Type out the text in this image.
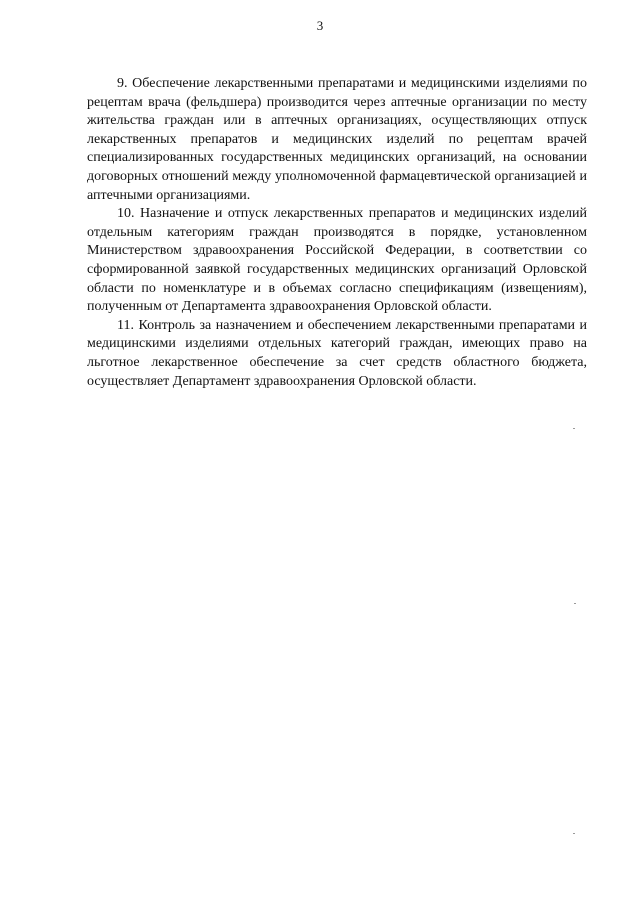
3

9. Обеспечение лекарственными препаратами и медицинскими изделиями по рецептам врача (фельдшера) производится через аптечные организации по месту жительства граждан или в аптечных организациях, осуществляющих отпуск лекарственных препаратов и медицинских изделий по рецептам врачей специализированных государственных медицинских организаций, на основании договорных отношений между уполномоченной фармацевтической организацией и аптечными организациями.

10. Назначение и отпуск лекарственных препаратов и медицинских изделий отдельным категориям граждан производятся в порядке, установленном Министерством здравоохранения Российской Федерации, в соответствии со сформированной заявкой государственных медицинских организаций Орловской области по номенклатуре и в объемах согласно спецификациям (извещениям), полученным от Департамента здравоохранения Орловской области.

11. Контроль за назначением и обеспечением лекарственными препаратами и медицинскими изделиями отдельных категорий граждан, имеющих право на льготное лекарственное обеспечение за счет средств областного бюджета, осуществляет Департамент здравоохранения Орловской области.
